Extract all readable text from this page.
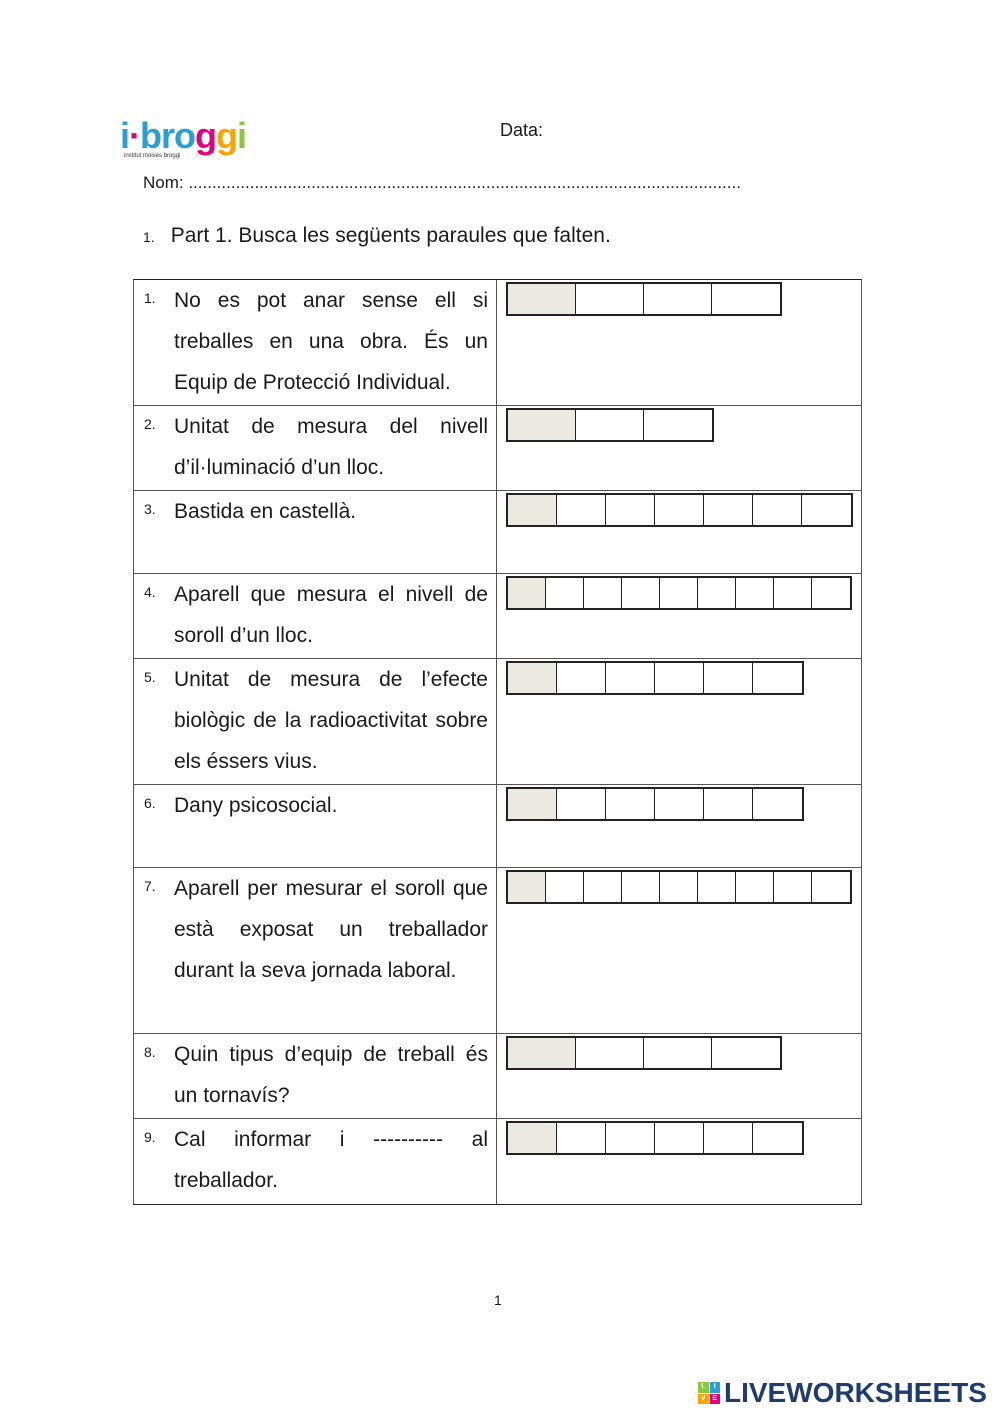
i·broggi
institut moisès broggi
Data:
Nom: .....................................................................................................................
1. Part 1. Busca les següents paraules que falten.
1. No es pot anar sense ell si treballes en una obra. És un Equip de Protecció Individual.
2. Unitat de mesura del nivell d’il·luminació d’un lloc.
3. Bastida en castellà.
4. Aparell que mesura el nivell de soroll d’un lloc.
5. Unitat de mesura de l’efecte biològic de la radioactivitat sobre els éssers vius.
6. Dany psicosocial.
7. Aparell per mesurar el soroll que està exposat un treballador durant la seva jornada laboral.
8. Quin tipus d’equip de treball és un tornavís?
9. Cal informar i ---------- al treballador.
1
L	I
V E LIVEWORKSHEETS
